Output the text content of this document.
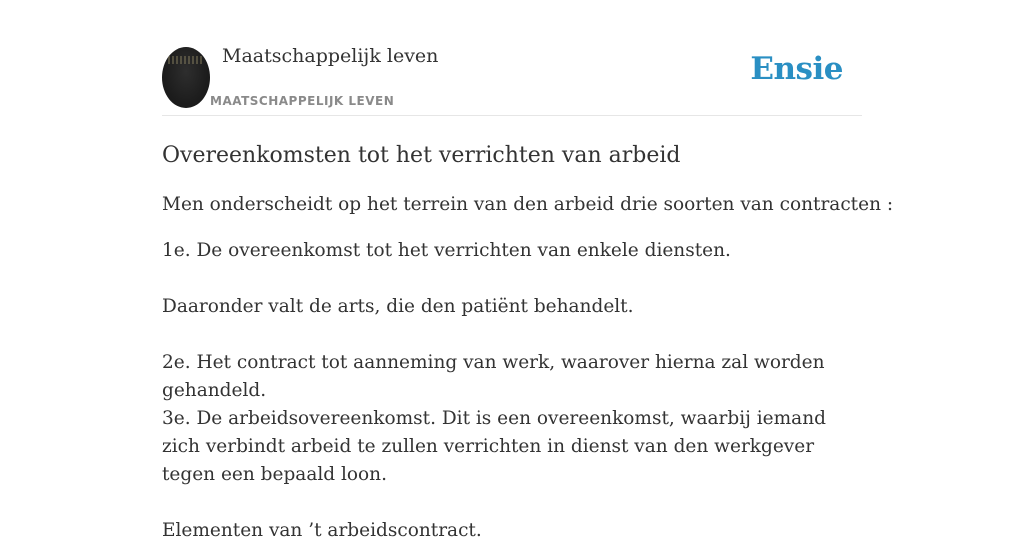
Maatschappelijk leven
MAATSCHAPPELIJK LEVEN
Ensie
Overeenkomsten tot het verrichten van arbeid

Men onderscheidt op het terrein van den arbeid drie soorten van contracten :

1e. De overeenkomst tot het verrichten van enkele diensten.

Daaronder valt de arts, die den patiënt behandelt.

2e. Het contract tot aanneming van werk, waarover hierna zal worden gehandeld.

3e. De arbeidsovereenkomst. Dit is een overeenkomst, waarbij iemand zich verbindt arbeid te zullen verrichten in dienst van den werkgever tegen een bepaald loon.

Elementen van ’t arbeidscontract.
